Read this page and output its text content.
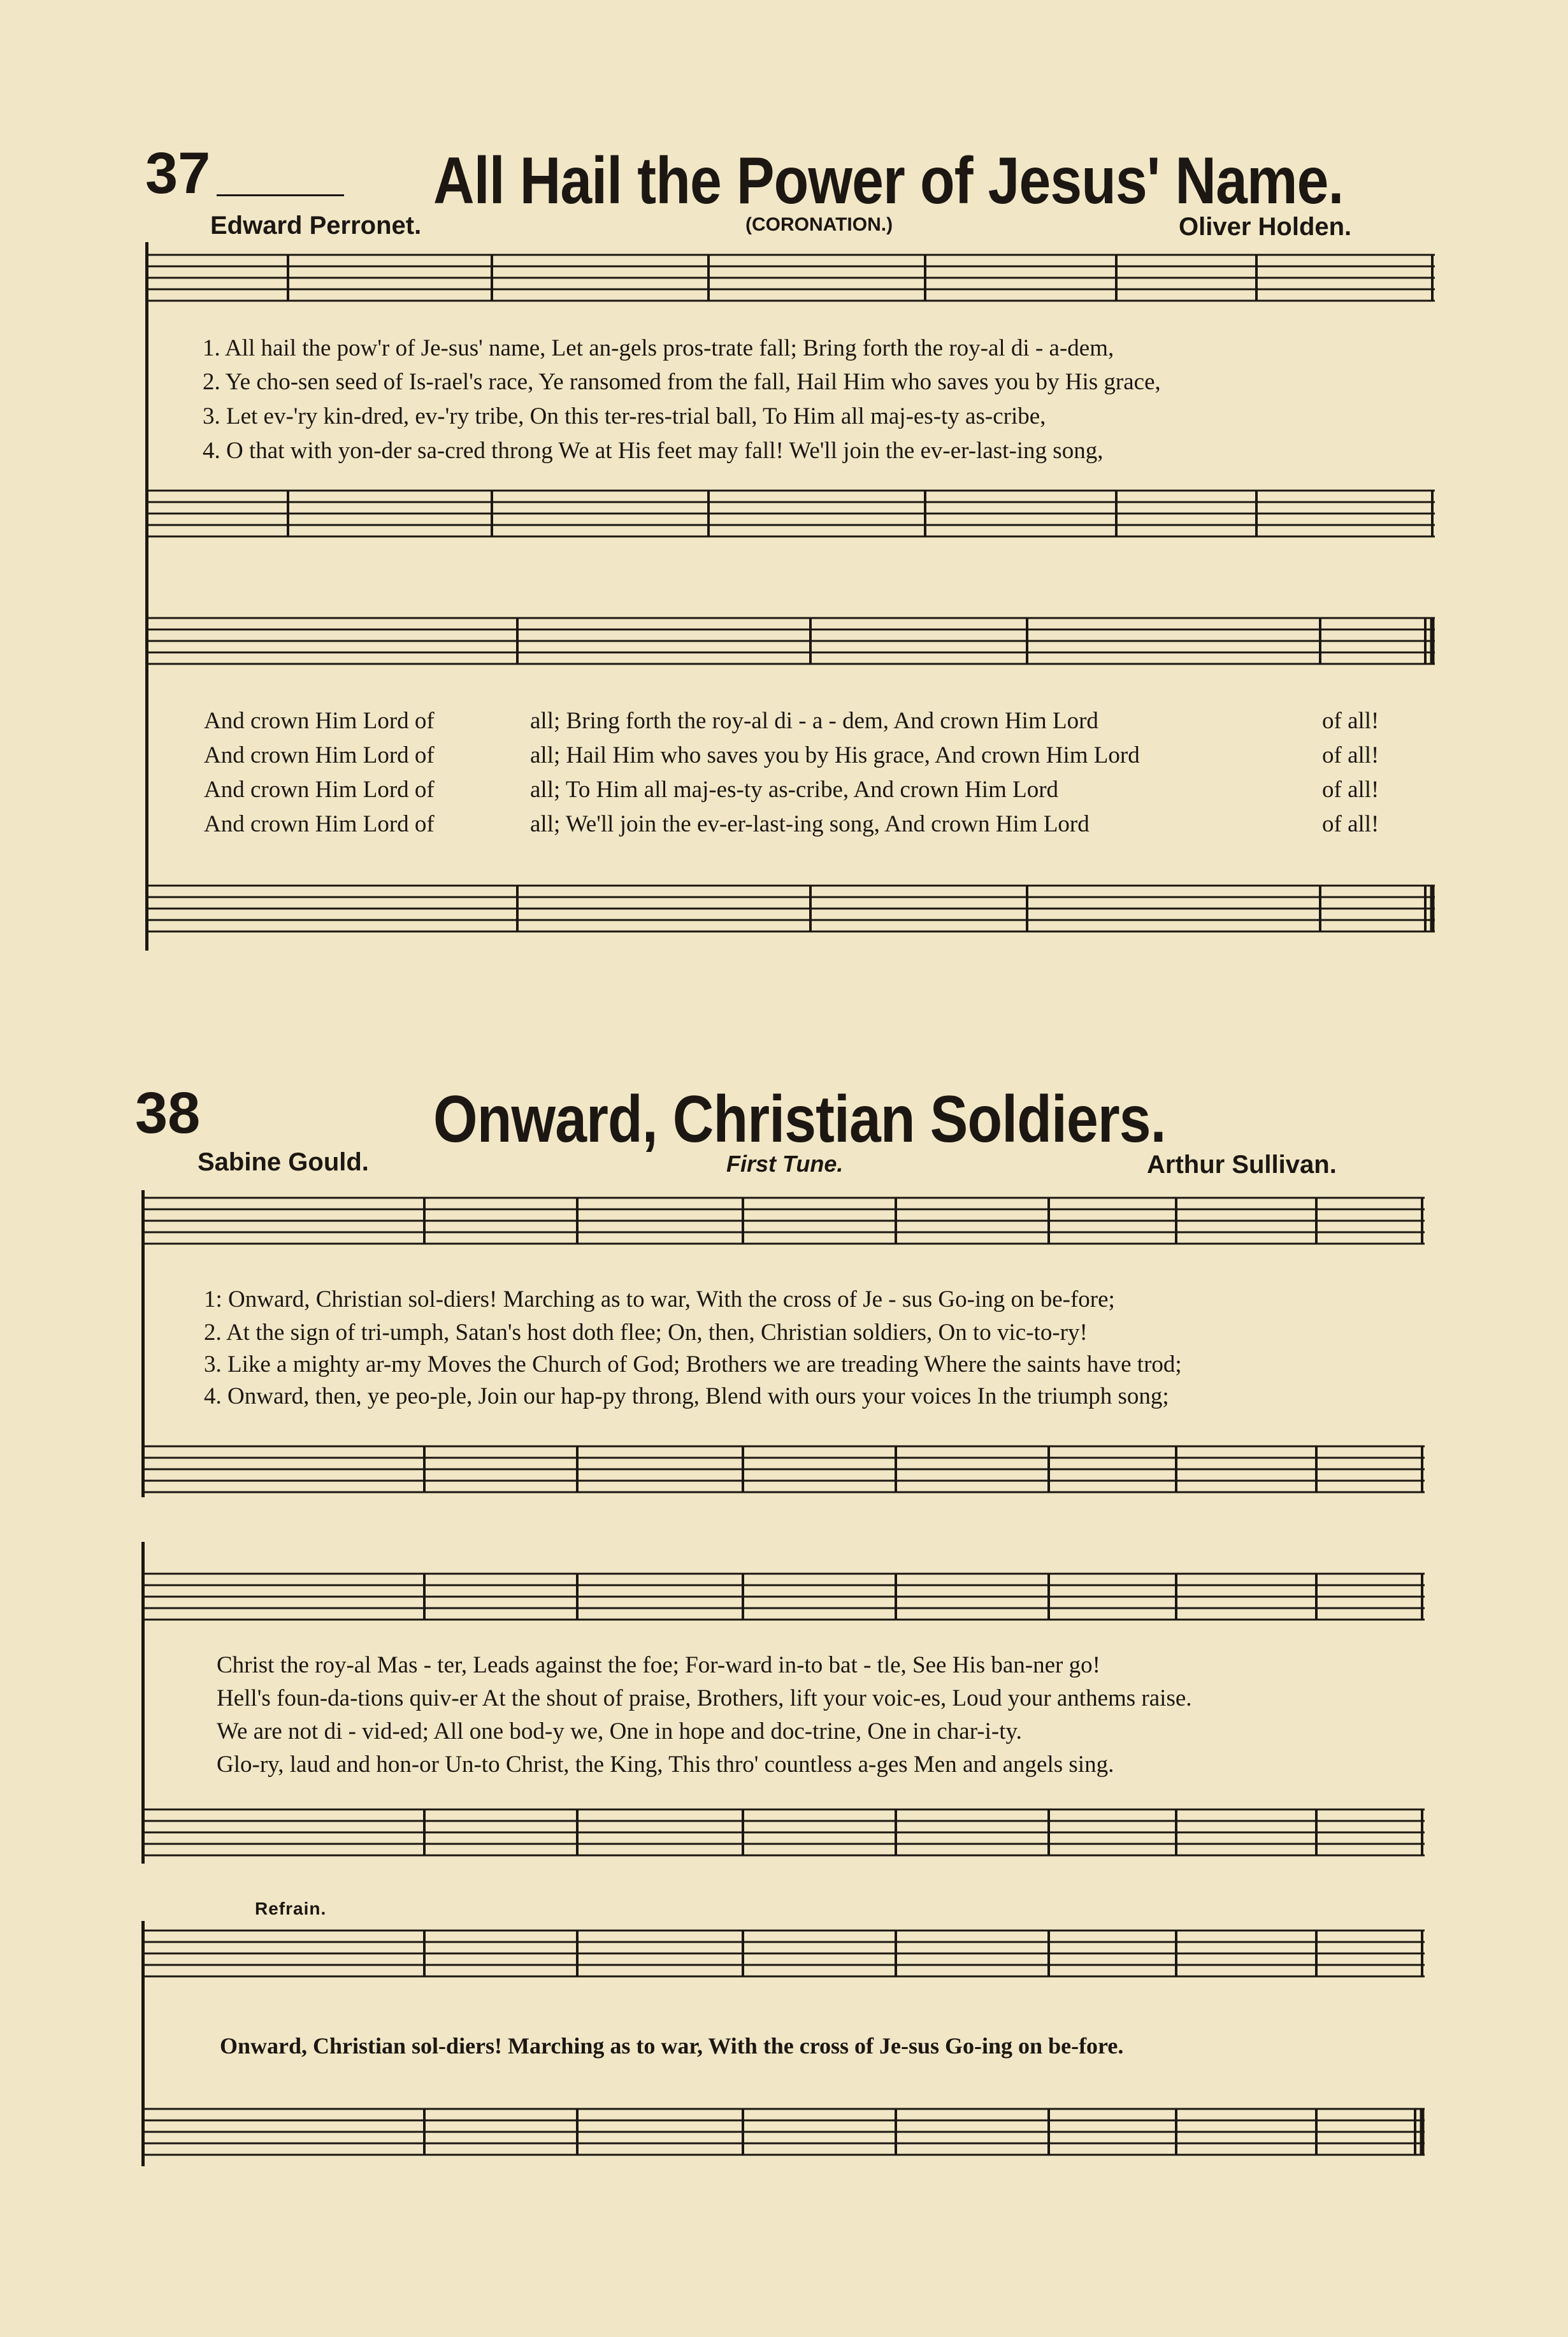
37	All Hail the Power of Jesus' Name.
Edward Perronet.	(CORONATION.)	Oliver Holden.
1. All hail the pow'r of Je-sus' name, Let an-gels pros-trate fall; Bring forth the roy-al di - a-dem,
2. Ye cho-sen seed of Is-rael's race, Ye ransomed from the fall, Hail Him who saves you by His grace,
3. Let ev-'ry kin-dred, ev-'ry tribe, On this ter-res-trial ball, To Him all maj-es-ty as-cribe,
4. O that with yon-der sa-cred throng We at His feet may fall! We'll join the ev-er-last-ing song,
And crown Him Lord of	all; Bring forth the roy-al di - a - dem, And crown Him Lord	of all!
And crown Him Lord of	all; Hail Him who saves you by His grace, And crown Him Lord	of all!
And crown Him Lord of	all; To Him all maj-es-ty as-cribe, And crown Him Lord	of all!
And crown Him Lord of	all; We'll join the ev-er-last-ing song, And crown Him Lord	of all!
38	Onward, Christian Soldiers.
Sabine Gould.	First Tune.	Arthur Sullivan.
1: Onward, Christian sol-diers! Marching as to war, With the cross of Je - sus Go-ing on be-fore;
2. At the sign of tri-umph, Satan's host doth flee; On, then, Christian soldiers, On to vic-to-ry!
3. Like a mighty ar-my Moves the Church of God; Brothers we are treading Where the saints have trod;
4. Onward, then, ye peo-ple, Join our hap-py throng, Blend with ours your voices In the triumph song;
Christ the roy-al Mas - ter, Leads against the foe; For-ward in-to bat - tle, See His ban-ner go!
Hell's foun-da-tions quiv-er At the shout of praise, Brothers, lift your voic-es, Loud your anthems raise.
We are not di - vid-ed; All one bod-y we, One in hope and doc-trine, One in char-i-ty.
Glo-ry, laud and hon-or Un-to Christ, the King, This thro' countless a-ges Men and angels sing.
Refrain.
Onward, Christian sol-diers! Marching as to war, With the cross of Je-sus Go-ing on be-fore.
